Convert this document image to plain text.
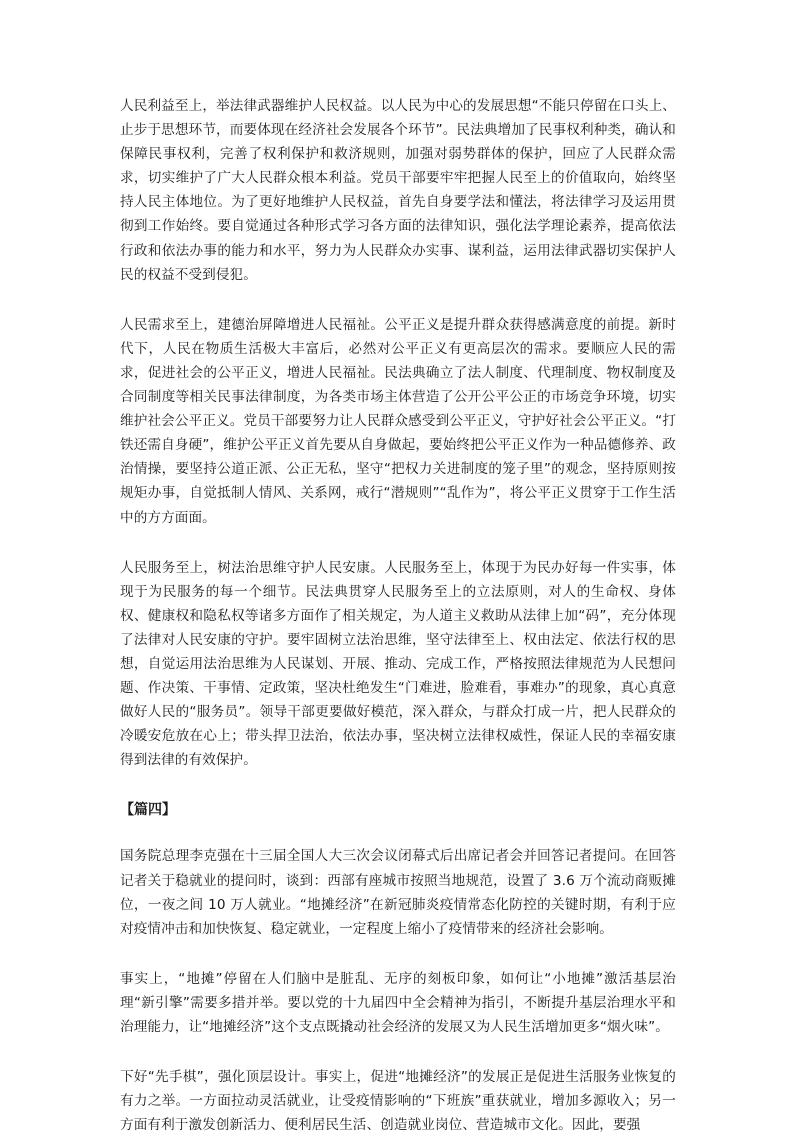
人民利益至上，举法律武器维护人民权益。以人民为中心的发展思想“不能只停留在口头上、止步于思想环节，而要体现在经济社会发展各个环节”。民法典增加了民事权利种类，确认和保障民事权利，完善了权利保护和救济规则，加强对弱势群体的保护，回应了人民群众需求，切实维护了广大人民群众根本利益。党员干部要牢牢把握人民至上的价值取向，始终坚持人民主体地位。为了更好地维护人民权益，首先自身要学法和懂法，将法律学习及运用贯彻到工作始终。要自觉通过各种形式学习各方面的法律知识，强化法学理论素养，提高依法行政和依法办事的能力和水平，努力为人民群众办实事、谋利益，运用法律武器切实保护人民的权益不受到侵犯。

人民需求至上，建德治屏障增进人民福祉。公平正义是提升群众获得感满意度的前提。新时代下，人民在物质生活极大丰富后，必然对公平正义有更高层次的需求。要顺应人民的需求，促进社会的公平正义，增进人民福祉。民法典确立了法人制度、代理制度、物权制度及合同制度等相关民事法律制度，为各类市场主体营造了公开公平公正的市场竞争环境，切实维护社会公平正义。党员干部要努力让人民群众感受到公平正义，守护好社会公平正义。“打铁还需自身硬”，维护公平正义首先要从自身做起，要始终把公平正义作为一种品德修养、政治情操，要坚持公道正派、公正无私，坚守“把权力关进制度的笼子里”的观念，坚持原则按规矩办事，自觉抵制人情风、关系网，戒行“潜规则”“乱作为”，将公平正义贯穿于工作生活中的方方面面。

人民服务至上，树法治思维守护人民安康。人民服务至上，体现于为民办好每一件实事，体现于为民服务的每一个细节。民法典贯穿人民服务至上的立法原则，对人的生命权、身体权、健康权和隐私权等诸多方面作了相关规定，为人道主义救助从法律上加“码”，充分体现了法律对人民安康的守护。要牢固树立法治思维，坚守法律至上、权由法定、依法行权的思想，自觉运用法治思维为人民谋划、开展、推动、完成工作，严格按照法律规范为人民想问题、作决策、干事情、定政策，坚决杜绝发生“门难进，脸难看，事难办”的现象，真心真意做好人民的“服务员”。领导干部更要做好模范，深入群众，与群众打成一片，把人民群众的冷暖安危放在心上；带头捍卫法治，依法办事，坚决树立法律权威性，保证人民的幸福安康得到法律的有效保护。

【篇四】

国务院总理李克强在十三届全国人大三次会议闭幕式后出席记者会并回答记者提问。在回答记者关于稳就业的提问时，谈到：西部有座城市按照当地规范，设置了 3.6 万个流动商贩摊位，一夜之间 10 万人就业。“地摊经济”在新冠肺炎疫情常态化防控的关键时期，有利于应对疫情冲击和加快恢复、稳定就业，一定程度上缩小了疫情带来的经济社会影响。

事实上，“地摊”停留在人们脑中是脏乱、无序的刻板印象，如何让“小地摊”激活基层治理“新引擎”需要多措并举。要以党的十九届四中全会精神为指引，不断提升基层治理水平和治理能力，让“地摊经济”这个支点既撬动社会经济的发展又为人民生活增加更多“烟火味”。

下好“先手棋”，强化顶层设计。事实上，促进“地摊经济”的发展正是促进生活服务业恢复的有力之举。一方面拉动灵活就业，让受疫情影响的“下班族”重获就业，增加多源收入；另一方面有利于激发创新活力、便利居民生活、创造就业岗位、营造城市文化。因此，要强
